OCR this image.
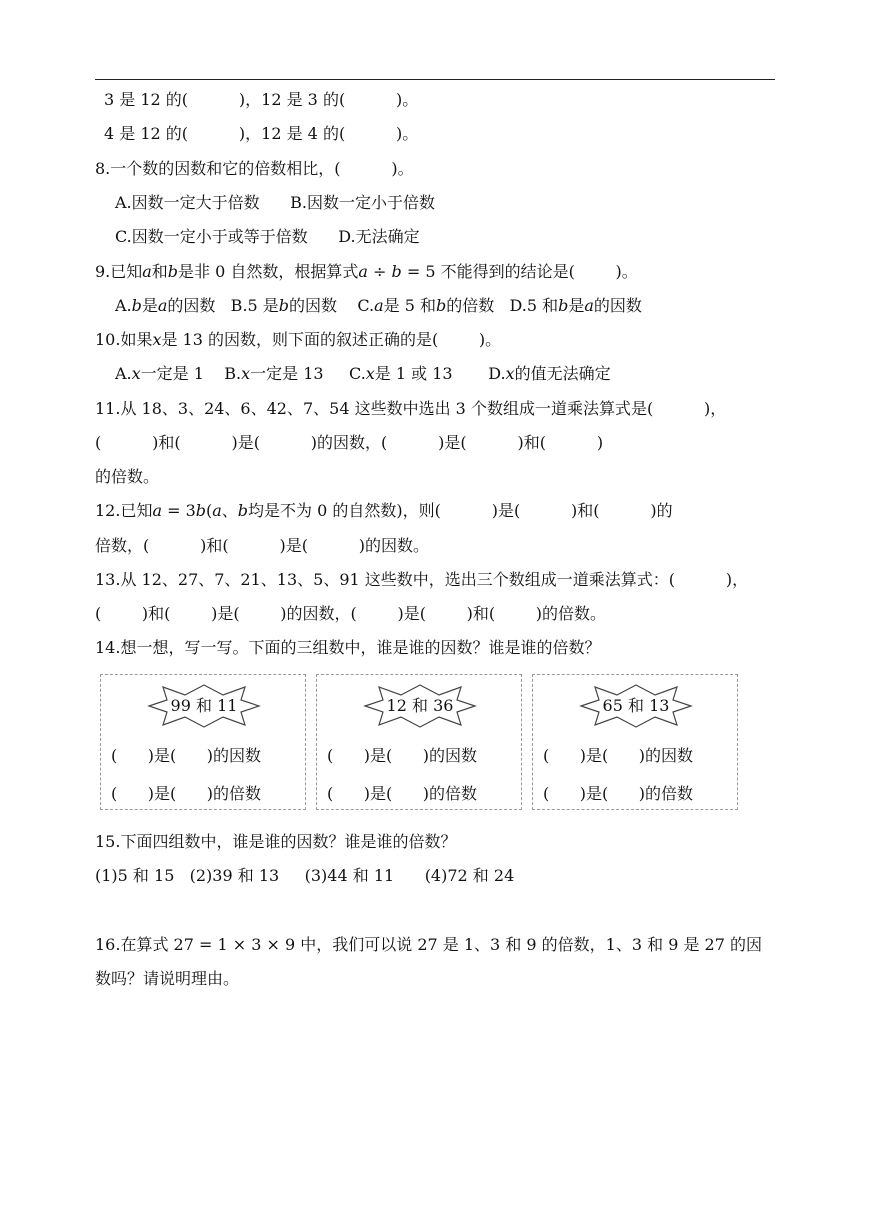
3 是 12 的(          )，12 是 3 的(          )。
4 是 12 的(          )，12 是 4 的(          )。
8.一个数的因数和它的倍数相比，(          )。
A.因数一定大于倍数      B.因数一定小于倍数
C.因数一定小于或等于倍数      D.无法确定
9.已知𝑎和𝑏是非 0 自然数，根据算式𝑎 ÷ 𝑏 = 5 不能得到的结论是(        )。
A.𝑏是𝑎的因数   B.5 是𝑏的因数    C.𝑎是 5 和𝑏的倍数   D.5 和𝑏是𝑎的因数
10.如果𝑥是 13 的因数，则下面的叙述正确的是(        )。
A.𝑥一定是 1    B.𝑥一定是 13     C.𝑥是 1 或 13       D.𝑥的值无法确定
11.从 18、3、24、6、42、7、54 这些数中选出 3 个数组成一道乘法算式是(          )，
(          )和(          )是(          )的因数，(          )是(          )和(          )
的倍数。
12.已知𝑎 = 3𝑏(𝑎、𝑏均是不为 0 的自然数)，则(          )是(          )和(          )的
倍数，(          )和(          )是(          )的因数。
13.从 12、27、7、21、13、5、91 这些数中，选出三个数组成一道乘法算式：(          )，
(        )和(        )是(        )的因数，(        )是(        )和(        )的倍数。
14.想一想，写一写。下面的三组数中，谁是谁的因数？谁是谁的倍数？
99 和 11
(      )是(      )的因数
(      )是(      )的倍数
12 和 36
(      )是(      )的因数
(      )是(      )的倍数
65 和 13
(      )是(      )的因数
(      )是(      )的倍数
15.下面四组数中，谁是谁的因数？谁是谁的倍数？
(1)5 和 15   (2)39 和 13     (3)44 和 11      (4)72 和 24
16.在算式 27 = 1 × 3 × 9 中，我们可以说 27 是 1、3 和 9 的倍数，1、3 和 9 是 27 的因
数吗？请说明理由。
